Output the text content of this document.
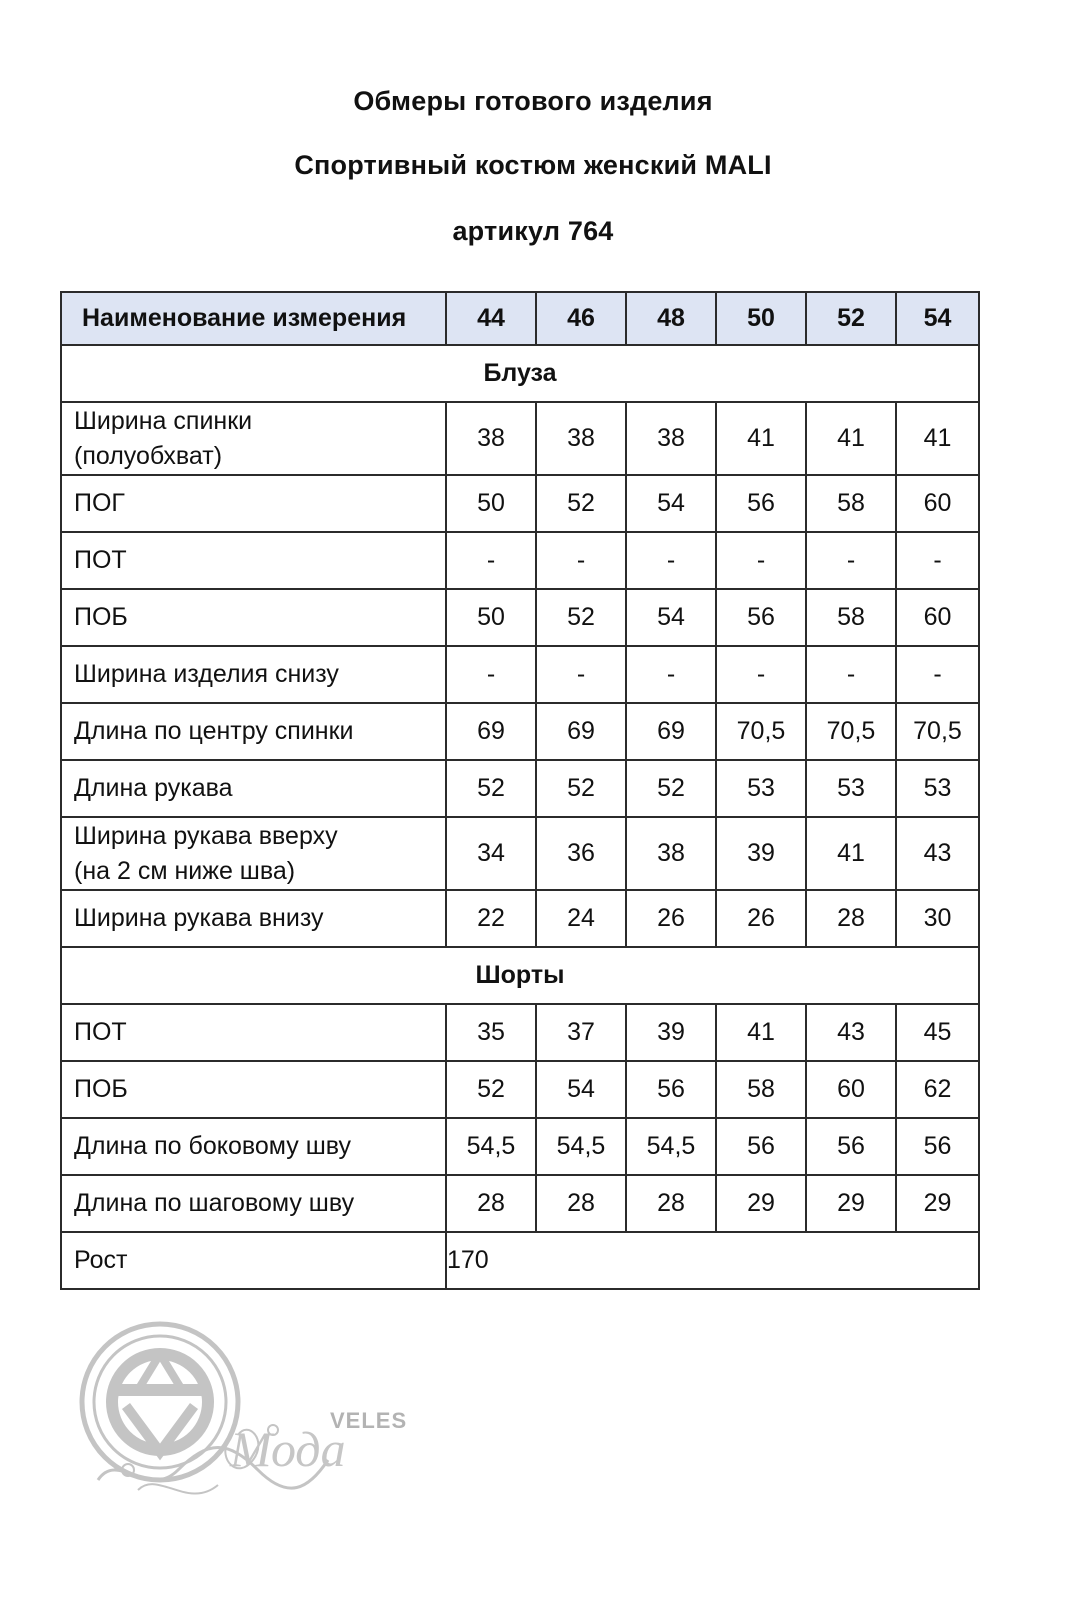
Обмеры готового изделия
Спортивный костюм женский MALI
артикул 764
Наименование измерения	44	46	48	50	52	54
Блуза						

Ширина спинки
(полуобхват)	38	38	38	41	41	41

ПОГ	50	52	54	56	58	60

ПОТ	-	-	-	-	-	-

ПОБ	50	52	54	56	58	60

Ширина изделия снизу	-	-	-	-	-	-

Длина по центру спинки	69	69	69	70,5	70,5	70,5

Длина рукава	52	52	52	53	53	53

Ширина рукава вверху
(на 2 см ниже шва)	34	36	38	39	41	43

Ширина рукава внизу	22	24	26	26	28	30
Шорты						

ПОТ	35	37	39	41	43	45

ПОБ	52	54	56	58	60	62

Длина по боковому шву	54,5	54,5	54,5	56	56	56

Длина по шаговому шву	28	28	28	29	29	29
Рост	170					
VELES
Мода
